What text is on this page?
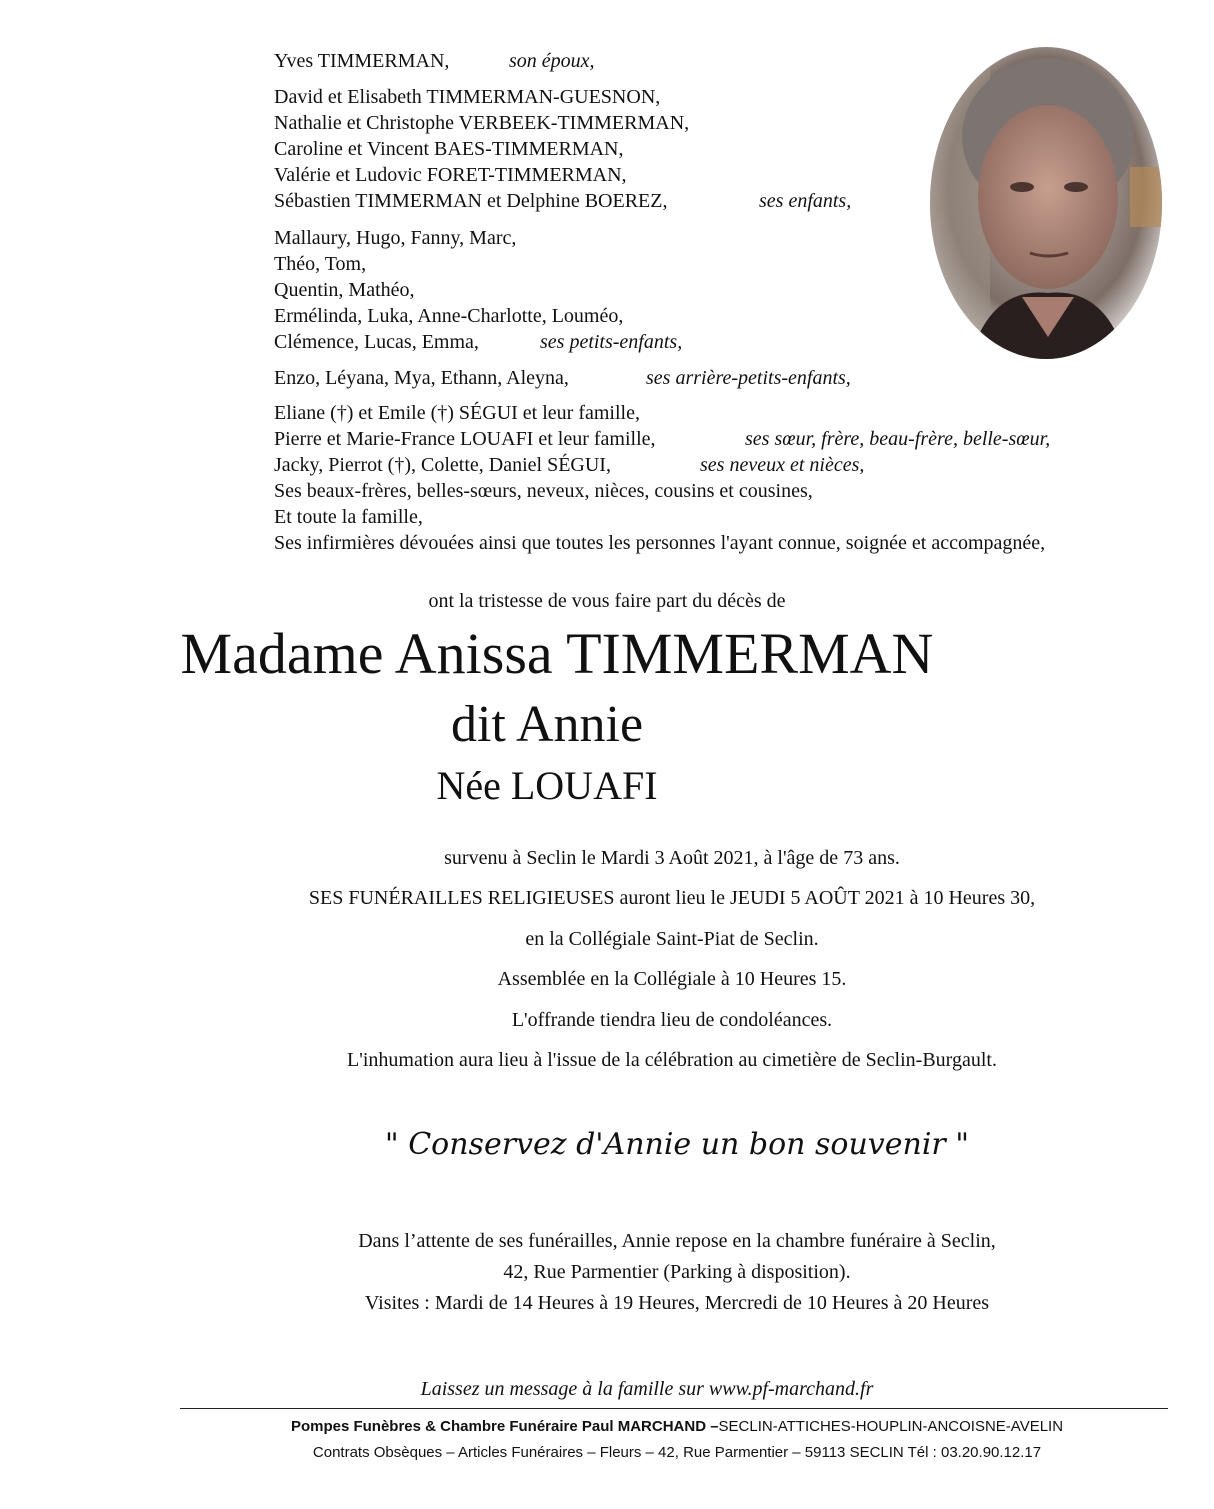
Yves TIMMERMAN,	son époux,
David et Elisabeth TIMMERMAN-GUESNON,
Nathalie et Christophe VERBEEK-TIMMERMAN,
Caroline et Vincent BAES-TIMMERMAN,
Valérie et Ludovic FORET-TIMMERMAN,
Sébastien TIMMERMAN et Delphine BOEREZ,	ses enfants,
Mallaury, Hugo, Fanny, Marc,
Théo, Tom,
Quentin, Mathéo,
Ermélinda, Luka, Anne-Charlotte, Louméo,
Clémence, Lucas, Emma,	ses petits-enfants,
Enzo, Léyana, Mya, Ethann, Aleyna,	ses arrière-petits-enfants,
Eliane (†) et Emile (†) SÉGUI et leur famille,
Pierre et Marie-France LOUAFI et leur famille,	ses sœur, frère, beau-frère, belle-sœur,
Jacky, Pierrot (†), Colette, Daniel SÉGUI,	ses neveux et nièces,
Ses beaux-frères, belles-sœurs, neveux, nièces, cousins et cousines,
Et toute la famille,
Ses infirmières dévouées ainsi que toutes les personnes l'ayant connue, soignée et accompagnée,
ont la tristesse de vous faire part du décès de
Madame Anissa TIMMERMAN
dit Annie
Née LOUAFI
survenu à Seclin le Mardi 3 Août 2021, à l'âge de 73 ans.
SES FUNÉRAILLES RELIGIEUSES auront lieu le JEUDI 5 AOÛT 2021 à 10 Heures 30,
en la Collégiale Saint-Piat de Seclin.
Assemblée en la Collégiale à 10 Heures 15.
L'offrande tiendra lieu de condoléances.
L'inhumation aura lieu à l'issue de la célébration au cimetière de Seclin-Burgault.
" Conservez d'Annie un bon souvenir "
Dans l’attente de ses funérailles, Annie repose en la chambre funéraire à Seclin,
42, Rue Parmentier (Parking à disposition).
Visites : Mardi de 14 Heures à 19 Heures, Mercredi de 10 Heures à 20 Heures
Laissez un message à la famille sur www.pf-marchand.fr
Pompes Funèbres & Chambre Funéraire Paul MARCHAND –SECLIN-ATTICHES-HOUPLIN-ANCOISNE-AVELIN
Contrats Obsèques – Articles Funéraires – Fleurs – 42, Rue Parmentier – 59113 SECLIN Tél : 03.20.90.12.17
